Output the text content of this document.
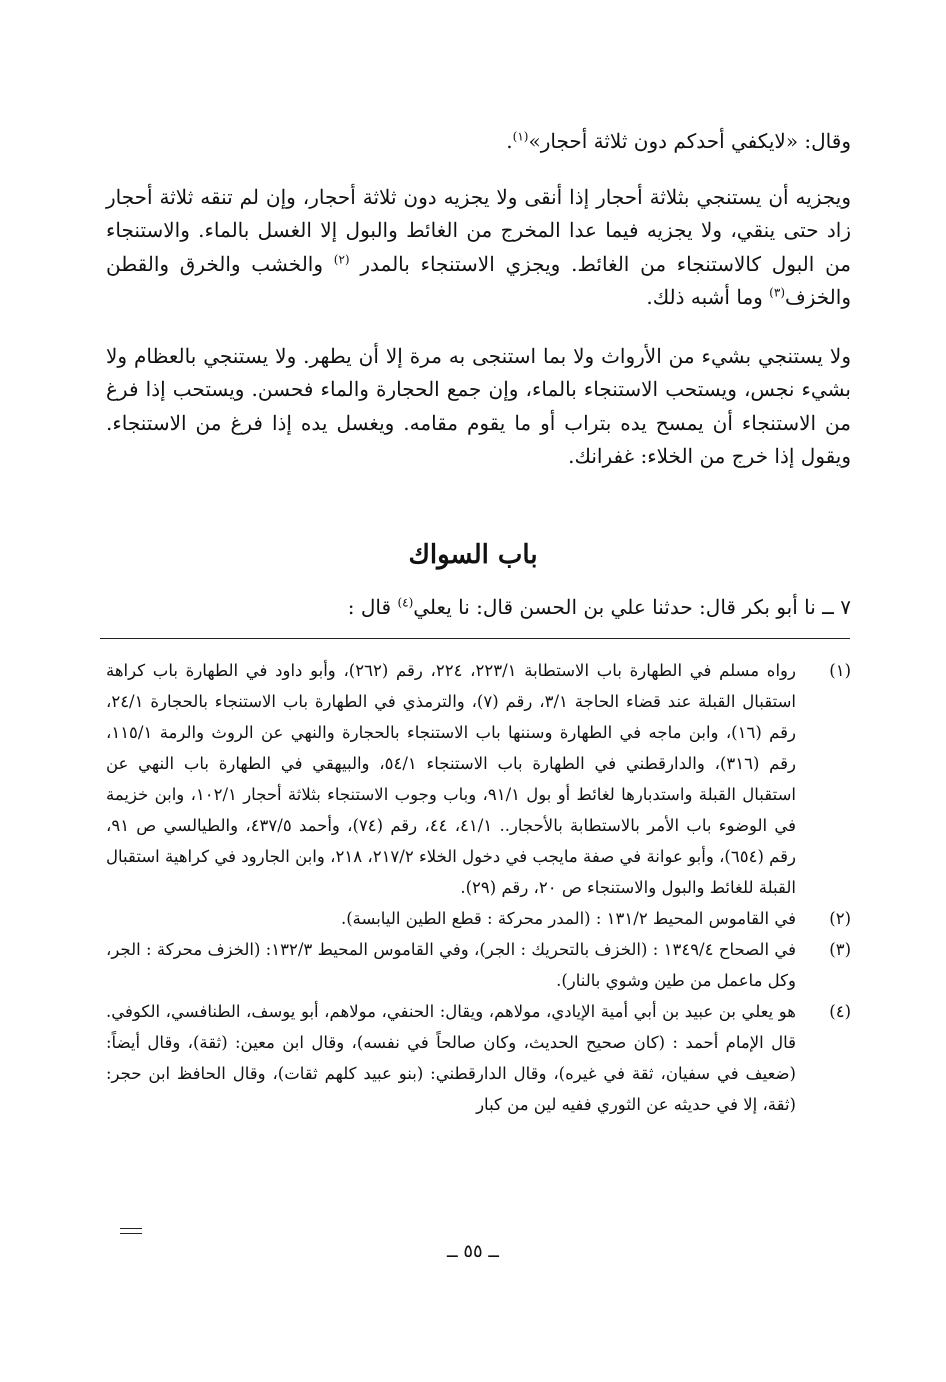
وقال: «لايكفي أحدكم دون ثلاثة أحجار»$^{(١)}$.

ويجزيه أن يستنجي بثلاثة أحجار إذا أنقى ولا يجزيه دون ثلاثة أحجار، وإن لم تنقه ثلاثة أحجار زاد حتى ينقي، ولا يجزيه فيما عدا المخرج من الغائط والبول إلا الغسل بالماء. والاستنجاء من البول كالاستنجاء من الغائط. ويجزي الاستنجاء بالمدر $^{(٢)}$ والخشب والخرق والقطن والخزف$^{(٣)}$ وما أشبه ذلك.

ولا يستنجي بشيء من الأرواث ولا بما استنجى به مرة إلا أن يطهر. ولا يستنجي بالعظام ولا بشيء نجس، ويستحب الاستنجاء بالماء، وإن جمع الحجارة والماء فحسن. ويستحب إذا فرغ من الاستنجاء أن يمسح يده بتراب أو ما يقوم مقامه. ويغسل يده إذا فرغ من الاستنجاء. ويقول إذا خرج من الخلاء: غفرانك.

باب السواك
٧ ــ نا أبو بكر قال: حدثنا علي بن الحسن قال: نا يعلي$^{(٤)}$ قال :
(١)
رواه مسلم في الطهارة باب الاستطابة ٢٢٣/١، ٢٢٤، رقم (٢٦٢)، وأبو داود في الطهارة باب كراهة استقبال القبلة عند قضاء الحاجة ٣/١، رقم (٧)، والترمذي في الطهارة باب الاستنجاء بالحجارة ٢٤/١، رقم (١٦)، وابن ماجه في الطهارة وسننها باب الاستنجاء بالحجارة والنهي عن الروث والرمة ١١٥/١، رقم (٣١٦)، والدارقطني في الطهارة باب الاستنجاء ٥٤/١، والبيهقي في الطهارة باب النهي عن استقبال القبلة واستدبارها لغائط أو بول ٩١/١، وباب وجوب الاستنجاء بثلاثة أحجار ١٠٢/١، وابن خزيمة في الوضوء باب الأمر بالاستطابة بالأحجار.. ٤١/١، ٤٤، رقم (٧٤)، وأحمد ٤٣٧/٥، والطيالسي ص ٩١، رقم (٦٥٤)، وأبو عوانة في صفة مايجب في دخول الخلاء ٢١٧/٢، ٢١٨، وابن الجارود في كراهية استقبال القبلة للغائط والبول والاستنجاء ص ٢٠، رقم (٢٩).
(٢)
في القاموس المحيط ١٣١/٢ : (المدر محركة : قطع الطين اليابسة).
(٣)
في الصحاح ١٣٤٩/٤ : (الخزف بالتحريك : الجر)، وفي القاموس المحيط ١٣٢/٣: (الخزف محركة : الجر، وكل ماعمل من طين وشوي بالنار).
(٤)
هو يعلي بن عبيد بن أبي أمية الإيادي، مولاهم، ويقال: الحنفي، مولاهم، أبو يوسف، الطنافسي، الكوفي. قال الإمام أحمد : (كان صحيح الحديث، وكان صالحاً في نفسه)، وقال ابن معين: (ثقة)، وقال أيضاً: (ضعيف في سفيان، ثقة في غيره)، وقال الدارقطني: (بنو عبيد كلهم ثقات)، وقال الحافظ ابن حجر: (ثقة، إلا في حديثه عن الثوري ففيه لين من كبار
ــ ٥٥ ــ
